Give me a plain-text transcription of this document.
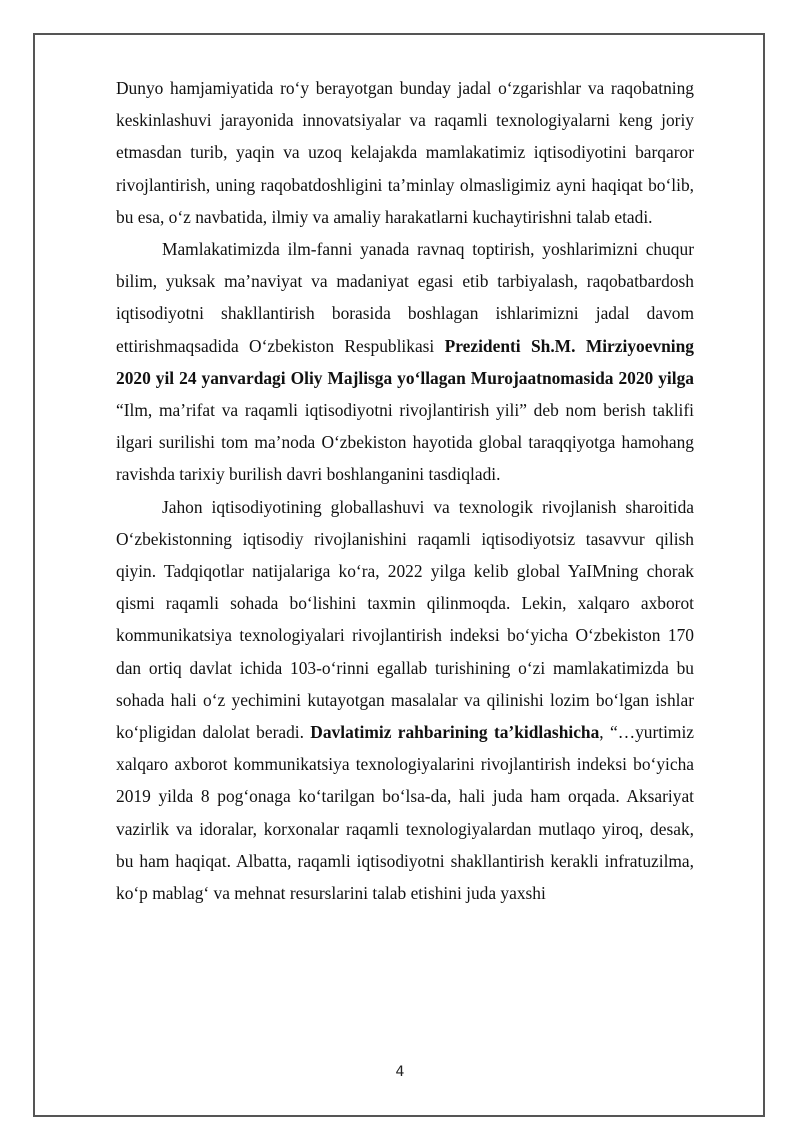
Dunyo hamjamiyatida roʻy berayotgan bunday jadal oʻzgarishlar va raqobatning keskinlashuvi jarayonida innovatsiyalar va raqamli texnologiyalarni keng joriy etmasdan turib, yaqin va uzoq kelajakda mamlakatimiz iqtisodiyotini barqaror rivojlantirish, uning raqobatdoshligini taʼminlay olmasligimiz ayni haqiqat boʻlib, bu esa, oʻz navbatida, ilmiy va amaliy harakatlarni kuchaytirishni talab etadi.

Mamlakatimizda ilm-fanni yanada ravnaq toptirish, yoshlarimizni chuqur bilim, yuksak maʼnaviyat va madaniyat egasi etib tarbiyalash, raqobatbardosh iqtisodiyotni shakllantirish borasida boshlagan ishlarimizni jadal davom ettirishmaqsadida Oʻzbekiston Respublikasi Prezidenti Sh.M. Mirziyoevning 2020 yil 24 yanvardagi Oliy Majlisga yoʻllagan Murojaatnomasida 2020 yilga “Ilm, maʼrifat va raqamli iqtisodiyotni rivojlantirish yili” deb nom berish taklifi ilgari surilishi tom maʼnoda Oʻzbekiston hayotida global taraqqiyotga hamohang ravishda tarixiy burilish davri boshlanganini tasdiqladi.

Jahon iqtisodiyotining globallashuvi va texnologik rivojlanish sharoitida Oʻzbekistonning iqtisodiy rivojlanishini raqamli iqtisodiyotsiz tasavvur qilish qiyin. Tadqiqotlar natijalariga koʻra, 2022 yilga kelib global YaIMning chorak qismi raqamli sohada boʻlishini taxmin qilinmoqda. Lekin, xalqaro axborot kommunikatsiya texnologiyalari rivojlantirish indeksi boʻyicha Oʻzbekiston 170 dan ortiq davlat ichida 103-oʻrinni egallab turishining oʻzi mamlakatimizda bu sohada hali oʻz yechimini kutayotgan masalalar va qilinishi lozim boʻlgan ishlar koʻpligidan dalolat beradi. Davlatimiz rahbarining taʼkidlashicha, “…yurtimiz xalqaro axborot kommunikatsiya texnologiyalarini rivojlantirish indeksi boʻyicha 2019 yilda 8 pogʻonaga koʻtarilgan boʻlsa-da, hali juda ham orqada. Aksariyat vazirlik va idoralar, korxonalar raqamli texnologiyalardan mutlaqo yiroq, desak, bu ham haqiqat. Albatta, raqamli iqtisodiyotni shakllantirish kerakli infratuzilma, koʻp mablagʻ va mehnat resurslarini talab etishini juda yaxshi

4
